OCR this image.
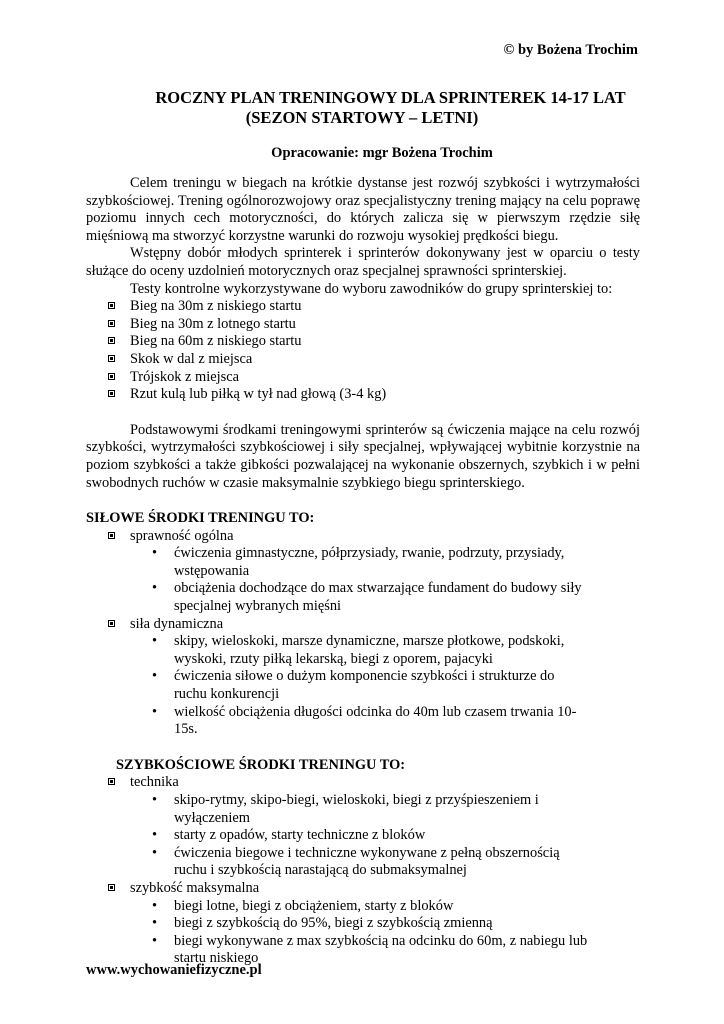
© by Bożena Trochim
ROCZNY PLAN TRENINGOWY DLA SPRINTEREK 14-17 LAT
(SEZON STARTOWY – LETNI)
Opracowanie: mgr Bożena Trochim

Celem treningu w biegach na krótkie dystanse jest rozwój szybkości i wytrzymałości szybkościowej. Trening ogólnorozwojowy oraz specjalistyczny trening mający na celu poprawę poziomu innych cech motoryczności, do których zalicza się w pierwszym rzędzie siłę mięśniową ma stworzyć korzystne warunki do rozwoju wysokiej prędkości biegu.

Wstępny dobór młodych sprinterek i sprinterów dokonywany jest w oparciu o testy służące do oceny uzdolnień motorycznych oraz specjalnej sprawności sprinterskiej.

Testy kontrolne wykorzystywane do wyboru zawodników do grupy sprinterskiej to:

Bieg na 30m z niskiego startu
Bieg na 30m z lotnego startu
Bieg na 60m z niskiego startu
Skok w dal z miejsca
Trójskok z miejsca
Rzut kulą lub piłką w tył nad głową (3-4 kg)

Podstawowymi środkami treningowymi sprinterów są ćwiczenia mające na celu rozwój szybkości, wytrzymałości szybkościowej i siły specjalnej, wpływającej wybitnie korzystnie na poziom szybkości a także gibkości pozwalającej na wykonanie obszernych, szybkich i w pełni swobodnych ruchów w czasie maksymalnie szybkiego biegu sprinterskiego.

SIŁOWE ŚRODKI TRENINGU TO:
sprawność ogólna
• ćwiczenia gimnastyczne, półprzysiady, rwanie, podrzuty, przysiady, wstępowania
• obciążenia dochodzące do max stwarzające fundament do budowy siły specjalnej wybranych mięśni
siła dynamiczna
• skipy, wieloskoki, marsze dynamiczne, marsze płotkowe, podskoki, wyskoki, rzuty piłką lekarską, biegi z oporem, pajacyki
• ćwiczenia siłowe o dużym komponencie szybkości i strukturze do ruchu konkurencji
• wielkość obciążenia długości odcinka do 40m lub czasem trwania 10-15s.
SZYBKOŚCIOWE ŚRODKI TRENINGU TO:
technika
• skipo-rytmy, skipo-biegi, wieloskoki, biegi z przyśpieszeniem i wyłączeniem
• starty z opadów, starty techniczne z bloków
• ćwiczenia biegowe i techniczne wykonywane z pełną obszernością ruchu i szybkością narastającą do submaksymalnej
szybkość maksymalna
• biegi lotne, biegi z obciążeniem, starty z bloków
• biegi z szybkością do 95%, biegi z szybkością zmienną
• biegi wykonywane z max szybkością na odcinku do 60m, z nabiegu lub startu niskiego
www.wychowaniefizyczne.pl
